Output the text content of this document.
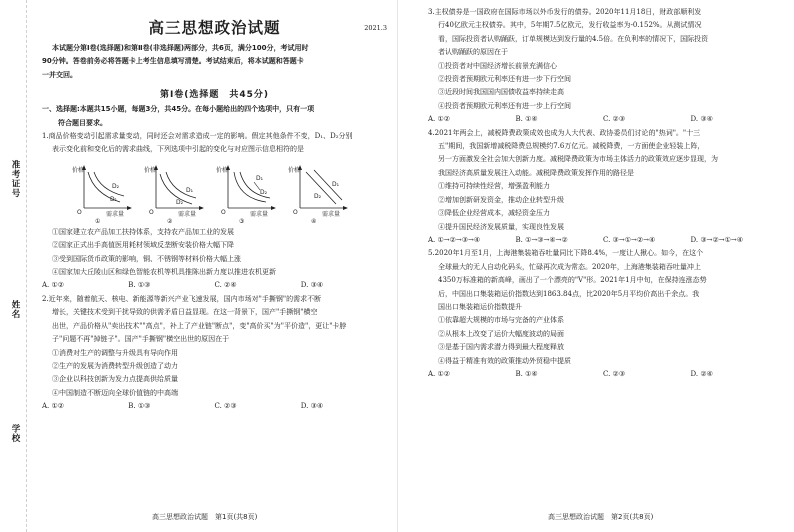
准考证号
姓名
学校
高三思想政治试题	2021.3

本试题分第Ⅰ卷(选择题)和第Ⅱ卷(非选择题)两部分，共6页，满分100分，考试用时

90分钟。答卷前务必将答题卡上考生信息填写清楚。考试结束后，将本试题和答题卡

一并交回。

第Ⅰ卷(选择题　共45分)

一、选择题:本题共15小题，每题3分，共45分。在每小题给出的四个选项中，只有一项

符合题目要求。

1.商品价格变动引起需求量变动，同时还会对需求造成一定的影响。假定其他条件不变，D₁、D₂分别

表示变化前和变化后的需求曲线，下列选项中引起的变化与对应图示信息相符的是

价格
需求量
O
①
D₂
D₁
价格
需求量
O
②
D₁
D₂
价格
需求量
O
③
D₁
D₂
价格
需求量
O
④
D₁
D₂

①国家建立农产品加工扶持体系，支持农产品加工业的发展

②国家正式出手高值医用耗材领域反垄断安装价格大幅下降

③受到国际货币政策的影响，铜、不锈钢等材料价格大幅上涨

④国家加大丘陵山区和绿色智能农机等机具推陈出新力度以推进农机更新

A. ①②	B. ①③	C. ②④	D. ③④

2.近年来，随着航天、核电、新能源等新兴产业飞速发展，国内市场对"手撕钢"的需求不断

增长，关键技术受到干扰导致的供需矛盾日益显现。在这一背景下，国产"手撕钢"横空

出世，产品价格从"卖出技术""高点"，补上了产业链"断点"，变"高价买"为"平价造"，更让"卡脖

子"问题不再"掉链子"。国产"手撕钢"横空出世的原因在于

①消费对生产的调整与升级具有导向作用

②生产的发展为消费转型升级创造了动力

③企业以科技创新为发力点提高供给质量

④中国制造不断迈向全球价值链的中高端

A. ①②	B. ①③	C. ②③	D. ③④
高三思想政治试题　第1页(共8页)

3.主权债券是一国政府在国际市场以外币发行的债券。2020年11月18日，财政部顺利发

行40亿欧元主权债券。其中，5年期7.5亿欧元，发行收益率为-0.152%。从测试情况

看，国际投资者认购踊跃，订单规模达到发行量的4.5倍。在负利率的情况下，国际投资

者认购踊跃的原因在于

①投资者对中国经济增长前景充满信心

②投资者预期欧元利率还有进一步下行空间

③近段时间我国国内国债收益率持续走高

④投资者预期欧元利率还有进一步上行空间

A. ①②	B. ①④	C. ②③	D. ③④

4.2021年两会上，减税降费政策成效也成为人大代表、政协委员们讨论的"热词"。"十三

五"期间，我国新增减税降费总规模约7.6万亿元。减税降费，一方面使企业轻装上阵，

另一方面激发全社会加大创新力度。减税降费政策为市场主体活力的政策效应逐步显现，为

我国经济高质量发展注入动能。减税降费政策发挥作用的路径是

①维持可持续性经营，增强盈利能力

②增加创新研发资金，推动企业转型升级

③降低企业经营成本，减轻资金压力

④提升国民经济发展质量，实现良性发展

A. ①→②→③→④	B. ①→③→④→②	C. ③→①→②→④	D. ③→②→①→④

5.2020年1月至1月，上海港集装箱吞吐量同比下降8.4%，一度让人揪心。如今，在这个

全球最大的无人自动化码头，忙碌再次成为常态。2020年，上海港集装箱吞吐量冲上

4350万标准箱的新高峰，画出了一个漂亮的"V"形。2021年1月中旬，在保持连涨态势

后，中国出口集装箱运价指数达到1863.84点，比2020年5月平均价高出千余点。我

国出口集装箱运价指数提升

①依靠超大规模的市场与完备的产业体系

②从根本上改变了运价大幅度波动的局面

③是基于国内需求潜力得到最大程度释放

④得益于精准有效的政策推动外贸稳中提质

A. ①②	B. ①④	C. ②③	D. ②④
高三思想政治试题　第2页(共8页)
